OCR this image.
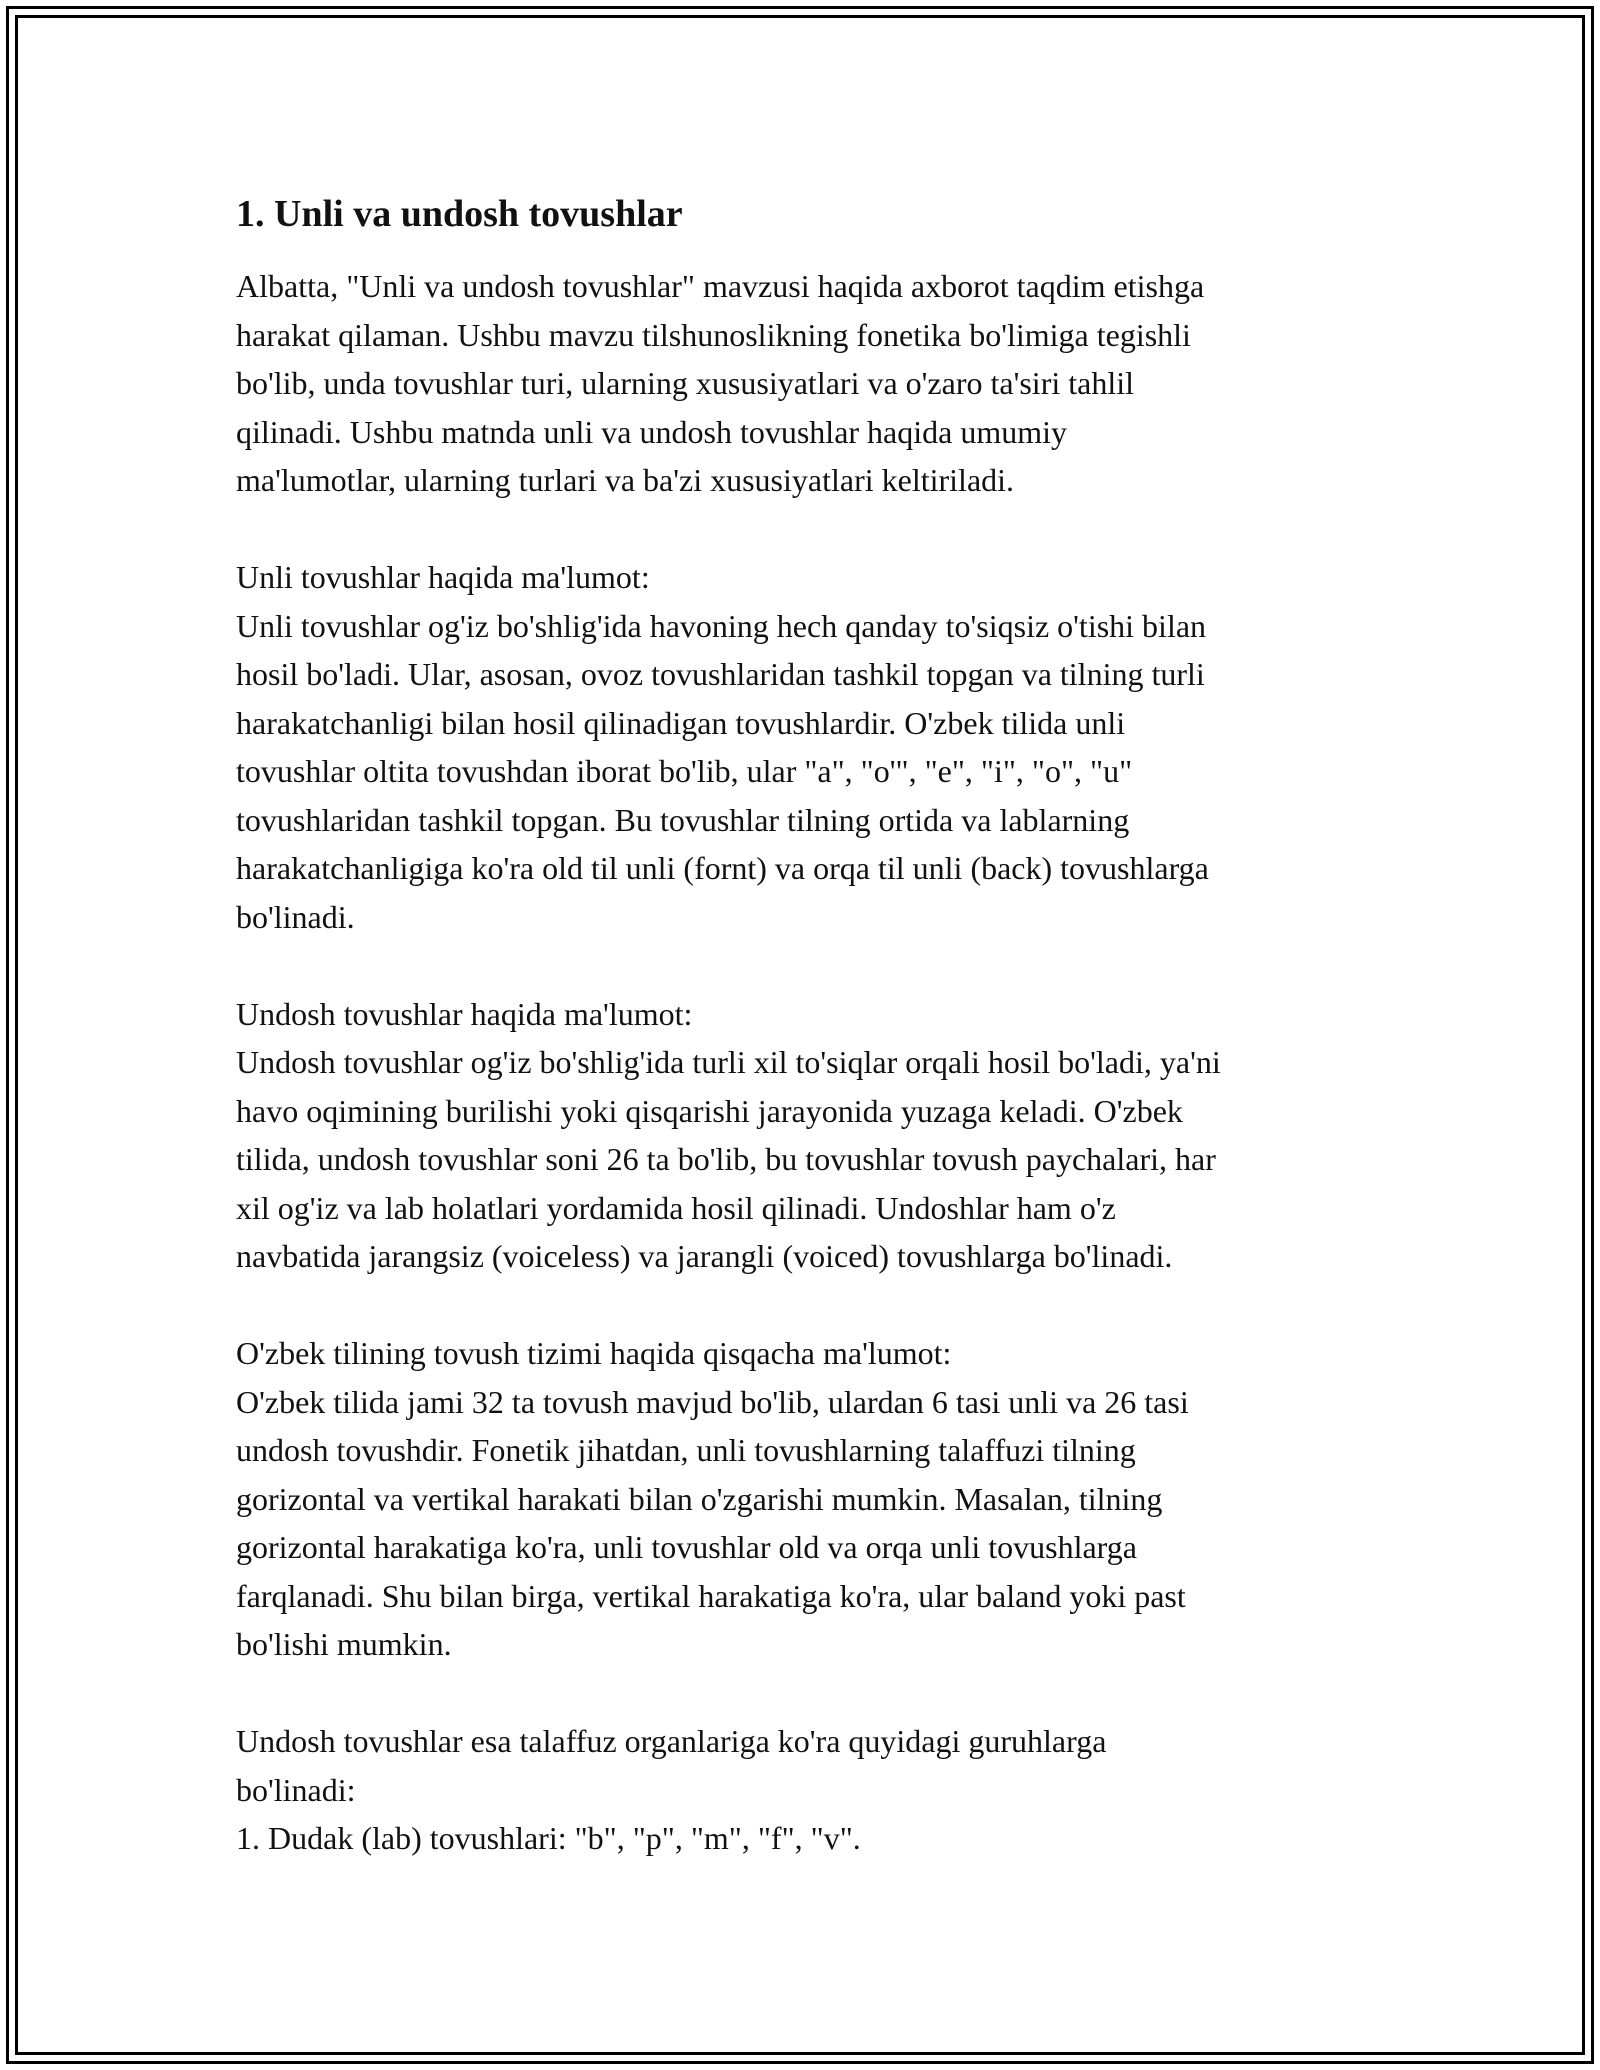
1. Unli va undosh tovushlar

Albatta, "Unli va undosh tovushlar" mavzusi haqida axborot taqdim etishga
harakat qilaman. Ushbu mavzu tilshunoslikning fonetika bo'limiga tegishli
bo'lib, unda tovushlar turi, ularning xususiyatlari va o'zaro ta'siri tahlil
qilinadi. Ushbu matnda unli va undosh tovushlar haqida umumiy
ma'lumotlar, ularning turlari va ba'zi xususiyatlari keltiriladi.

Unli tovushlar haqida ma'lumot:
Unli tovushlar og'iz bo'shlig'ida havoning hech qanday to'siqsiz o'tishi bilan
hosil bo'ladi. Ular, asosan, ovoz tovushlaridan tashkil topgan va tilning turli
harakatchanligi bilan hosil qilinadigan tovushlardir. O'zbek tilida unli
tovushlar oltita tovushdan iborat bo'lib, ular "a", "o'", "e", "i", "o", "u"
tovushlaridan tashkil topgan. Bu tovushlar tilning ortida va lablarning
harakatchanligiga ko'ra old til unli (fornt) va orqa til unli (back) tovushlarga
bo'linadi.

Undosh tovushlar haqida ma'lumot:
Undosh tovushlar og'iz bo'shlig'ida turli xil to'siqlar orqali hosil bo'ladi, ya'ni
havo oqimining burilishi yoki qisqarishi jarayonida yuzaga keladi. O'zbek
tilida, undosh tovushlar soni 26 ta bo'lib, bu tovushlar tovush paychalari, har
xil og'iz va lab holatlari yordamida hosil qilinadi. Undoshlar ham o'z
navbatida jarangsiz (voiceless) va jarangli (voiced) tovushlarga bo'linadi.

O'zbek tilining tovush tizimi haqida qisqacha ma'lumot:
O'zbek tilida jami 32 ta tovush mavjud bo'lib, ulardan 6 tasi unli va 26 tasi
undosh tovushdir. Fonetik jihatdan, unli tovushlarning talaffuzi tilning
gorizontal va vertikal harakati bilan o'zgarishi mumkin. Masalan, tilning
gorizontal harakatiga ko'ra, unli tovushlar old va orqa unli tovushlarga
farqlanadi. Shu bilan birga, vertikal harakatiga ko'ra, ular baland yoki past
bo'lishi mumkin.

Undosh tovushlar esa talaffuz organlariga ko'ra quyidagi guruhlarga
bo'linadi:
1. Dudak (lab) tovushlari: "b", "p", "m", "f", "v".
